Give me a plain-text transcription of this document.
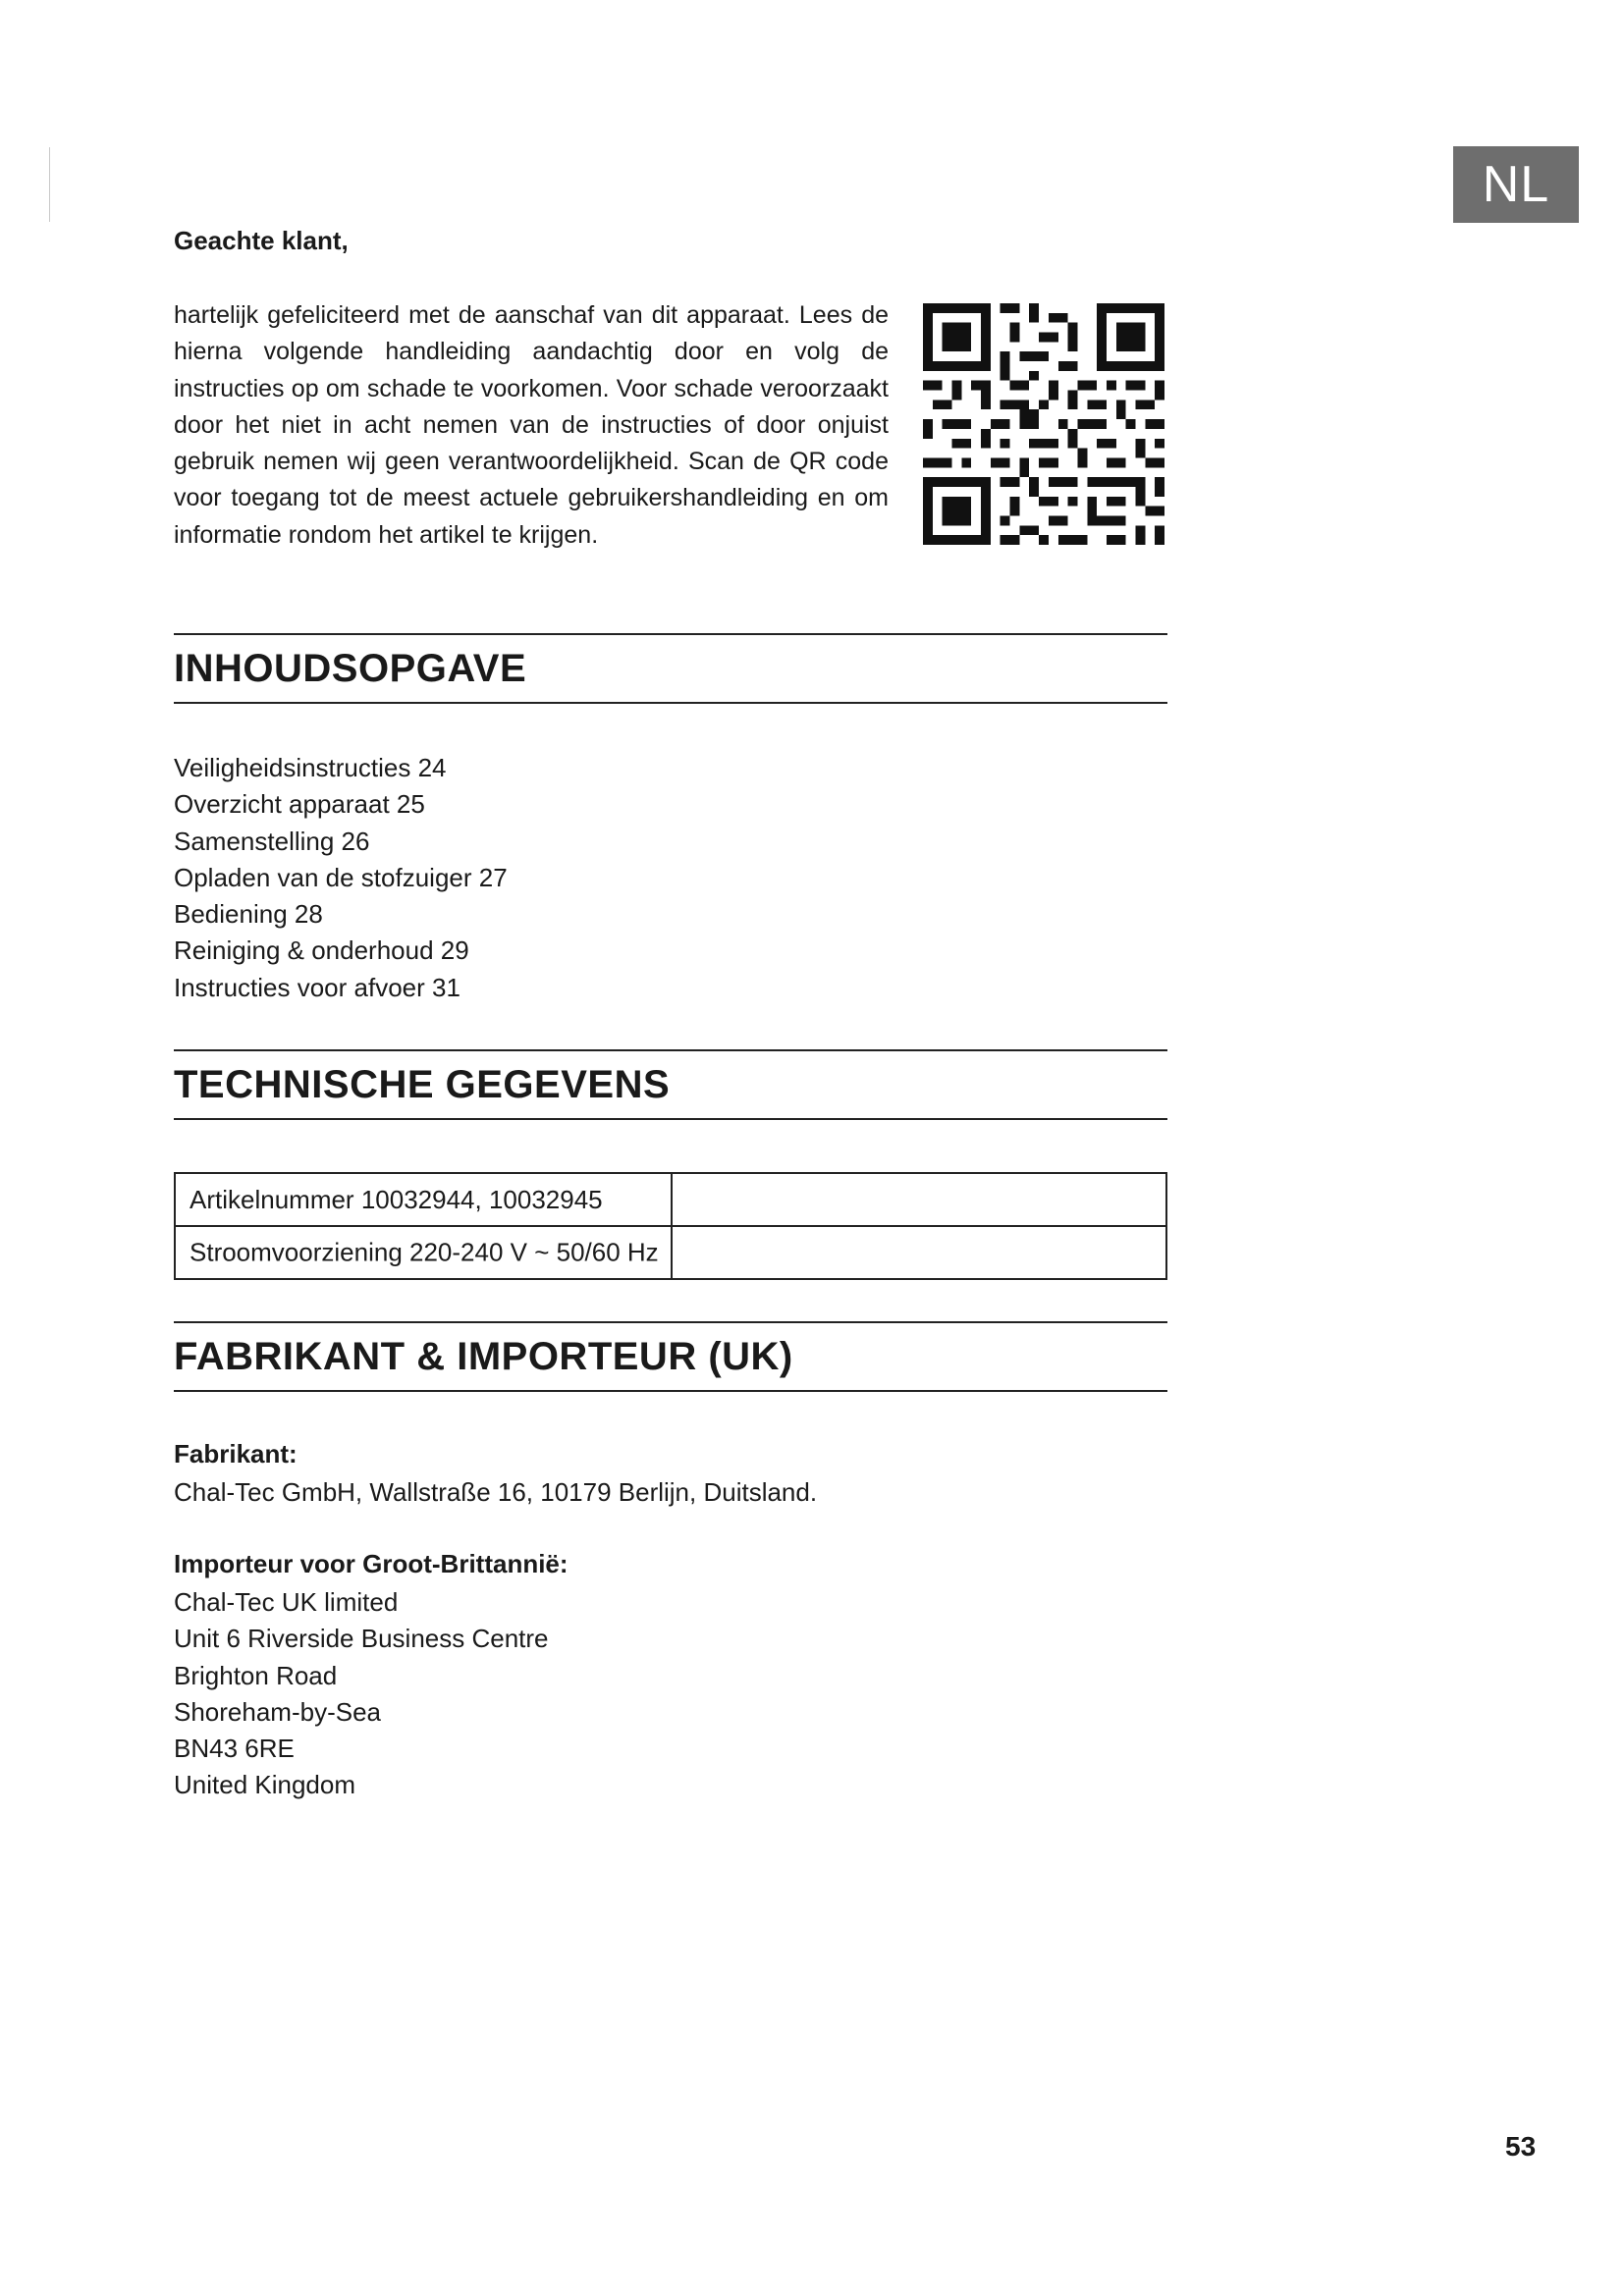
NL
Geachte klant,

hartelijk gefeliciteerd met de aanschaf van dit apparaat. Lees de hierna volgende handleiding aandachtig door en volg de instructies op om schade te voorkomen. Voor schade veroorzaakt door het niet in acht nemen van de instructies of door onjuist gebruik nemen wij geen verantwoordelijkheid. Scan de QR code voor toegang tot de meest actuele gebruikershandleiding en om informatie rondom het artikel te krijgen.

INHOUDSOPGAVE
Veiligheidsinstructies 24
Overzicht apparaat 25
Samenstelling 26
Opladen van de stofzuiger 27
Bediening 28
Reiniging & onderhoud 29
Instructies voor afvoer 31
TECHNISCHE GEGEVENS
Artikelnummer 10032944, 10032945	

Stroomvoorziening 220-240 V ~ 50/60 Hz	

FABRIKANT & IMPORTEUR (UK)
Fabrikant:
Chal-Tec GmbH, Wallstraße 16, 10179 Berlijn, Duitsland.
Importeur voor Groot-Brittannië:
Chal-Tec UK limited
Unit 6 Riverside Business Centre
Brighton Road
Shoreham-by-Sea
BN43 6RE
United Kingdom
53
